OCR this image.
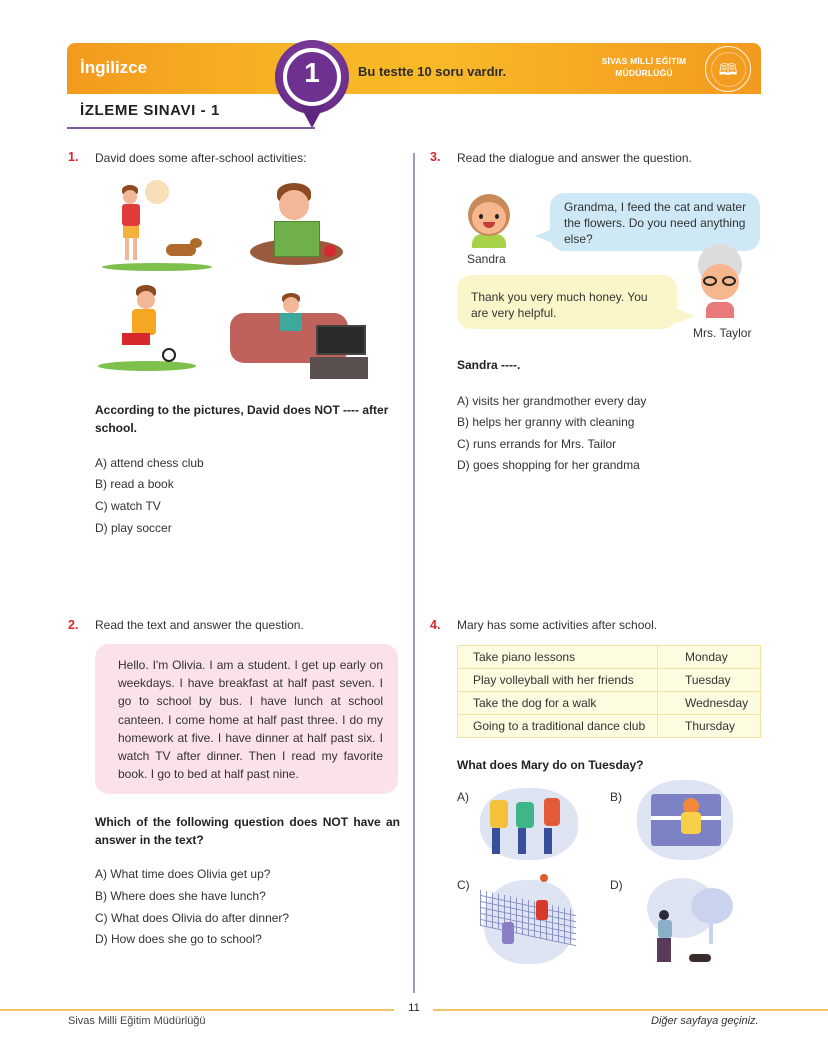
İngilizce	1	Bu testte 10 soru vardır.
SİVAS MİLLİ EĞİTİM
MÜDÜRLÜĞÜ	🕮
İZLEME SINAVI - 1
1. David does some after-school activities:
According to the pictures, David does NOT ---- after school.
A) attend chess club
B) read a book
C) watch TV
D) play soccer
2. Read the text and answer the question.
Hello. I'm Olivia. I am a student. I get up early on weekdays. I have breakfast at half past seven. I go to school by bus. I have lunch at school canteen. I come home at half past three. I do my homework at five. I have dinner at half past six. I watch TV after dinner. Then I read my favorite book. I go to bed at half past nine.
Which of the following question does NOT have an answer in the text?
A) What time does Olivia get up?
B) Where does she have lunch?
C) What does Olivia do after dinner?
D) How does she go to school?
3. Read the dialogue and answer the question.
Sandra
Grandma, I feed the cat and water the flowers. Do you need anything else?
Thank you very much honey. You are very helpful.
Mrs. Taylor
Sandra ----.
A) visits her grandmother every day
B) helps her granny with cleaning
C) runs errands for Mrs. Tailor
D) goes shopping for her grandma
4. Mary has some activities after school.
Take piano lessons	Monday
Play volleyball with her friends	Tuesday
Take the dog for a walk	Wednesday
Going to a traditional dance club	Thursday
What does Mary do on Tuesday?
A)	B)
C)	D)
11
Sivas Milli Eğitim Müdürlüğü	Diğer sayfaya geçiniz.
